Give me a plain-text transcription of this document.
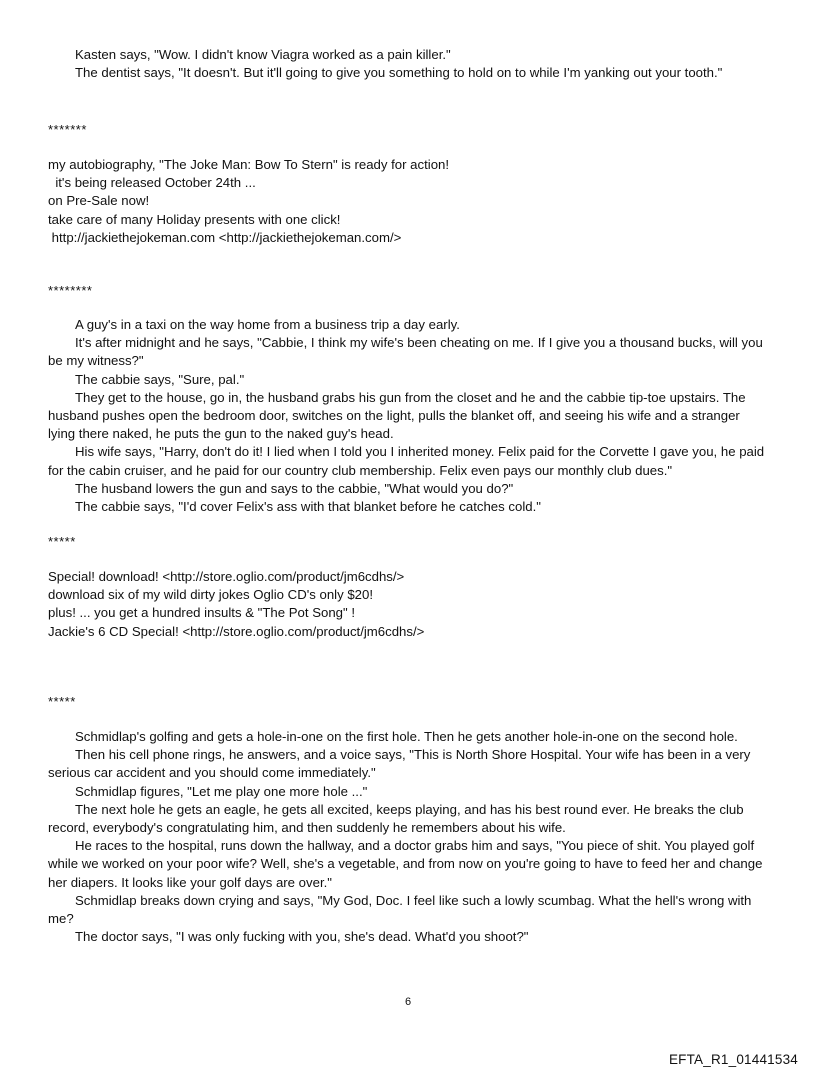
Kasten says, "Wow. I didn't know Viagra worked as a pain killer."

The dentist says, "It doesn't. But it'll going to give you something to hold on to while I'm yanking out your tooth."

*******

my autobiography, "The Joke Man: Bow To Stern" is ready for action!

it's being released October 24th ...

on Pre-Sale now!

take care of many Holiday presents with one click!

http://jackiethejokeman.com <http://jackiethejokeman.com/>

********

A guy's in a taxi on the way home from a business trip a day early.

It's after midnight and he says, "Cabbie, I think my wife's been cheating on me. If I give you a thousand bucks, will you be my witness?"

The cabbie says, "Sure, pal."

They get to the house, go in, the husband grabs his gun from the closet and he and the cabbie tip-toe upstairs. The husband pushes open the bedroom door, switches on the light, pulls the blanket off, and seeing his wife and a stranger lying there naked, he puts the gun to the naked guy's head.

His wife says, "Harry, don't do it! I lied when I told you I inherited money. Felix paid for the Corvette I gave you, he paid for the cabin cruiser, and he paid for our country club membership. Felix even pays our monthly club dues."

The husband lowers the gun and says to the cabbie, "What would you do?"

The cabbie says, "I'd cover Felix's ass with that blanket before he catches cold."

*****

Special! download! <http://store.oglio.com/product/jm6cdhs/>

download six of my wild dirty jokes Oglio CD's only $20!

plus! ... you get a hundred insults & "The Pot Song" !

Jackie's 6 CD Special! <http://store.oglio.com/product/jm6cdhs/>

*****

Schmidlap's golfing and gets a hole-in-one on the first hole. Then he gets another hole-in-one on the second hole.

Then his cell phone rings, he answers, and a voice says, "This is North Shore Hospital. Your wife has been in a very serious car accident and you should come immediately."

Schmidlap figures, "Let me play one more hole ..."

The next hole he gets an eagle, he gets all excited, keeps playing, and has his best round ever. He breaks the club record, everybody's congratulating him, and then suddenly he remembers about his wife.

He races to the hospital, runs down the hallway, and a doctor grabs him and says, "You piece of shit. You played golf while we worked on your poor wife? Well, she's a vegetable, and from now on you're going to have to feed her and change her diapers. It looks like your golf days are over."

Schmidlap breaks down crying and says, "My God, Doc. I feel like such a lowly scumbag. What the hell's wrong with me?

The doctor says, "I was only fucking with you, she's dead. What'd you shoot?"

6
EFTA_R1_01441534
